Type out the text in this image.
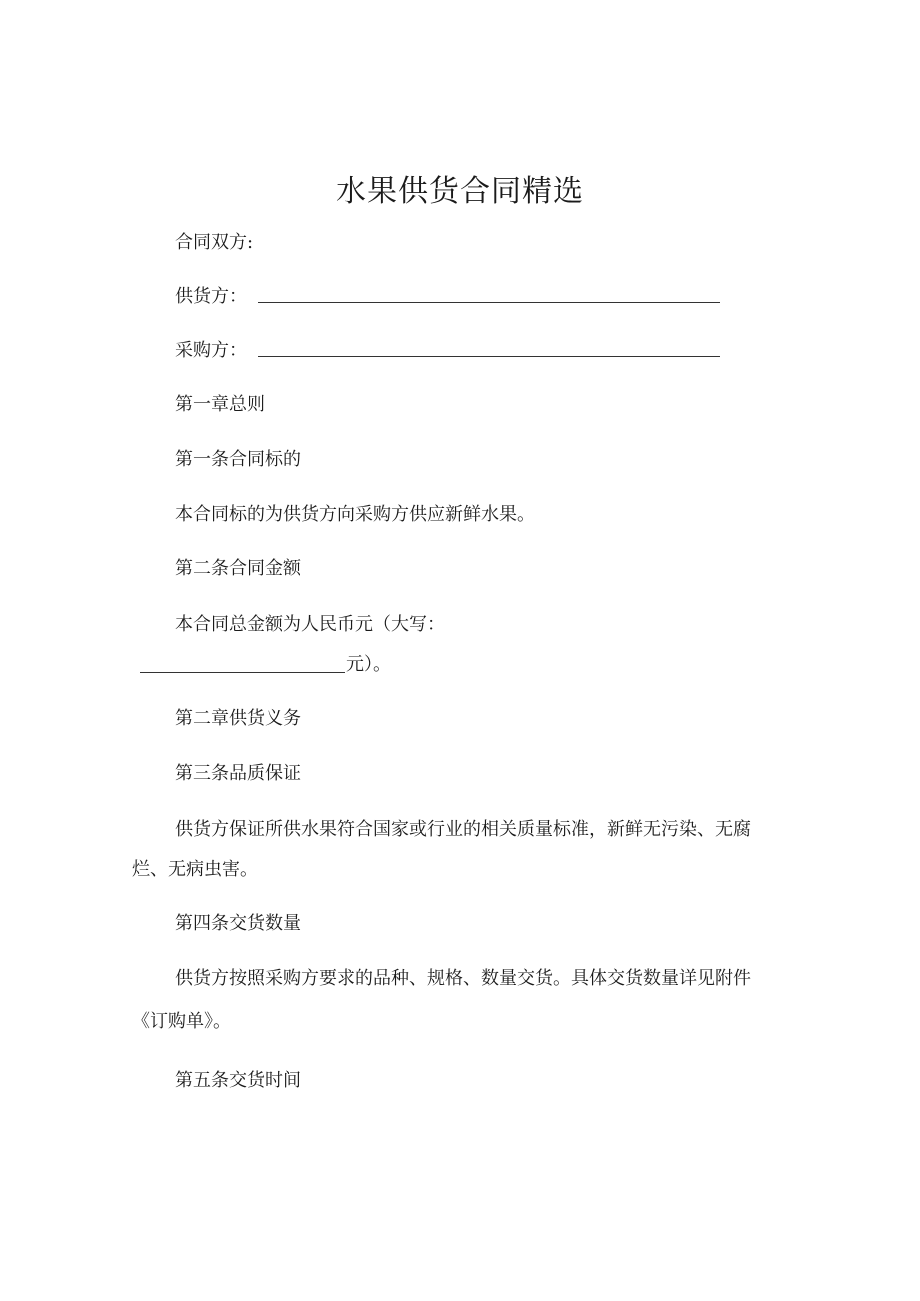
水果供货合同精选
合同双方:
供货方：
采购方：
第一章总则
第一条合同标的
本合同标的为供货方向采购方供应新鲜水果。
第二条合同金额
本合同总金额为人民币元（大写：
元）。
第二章供货义务
第三条品质保证
供货方保证所供水果符合国家或行业的相关质量标准，新鲜无污染、无腐
烂、无病虫害。
第四条交货数量
供货方按照采购方要求的品种、规格、数量交货。具体交货数量详见附件
《订购单》。
第五条交货时间
